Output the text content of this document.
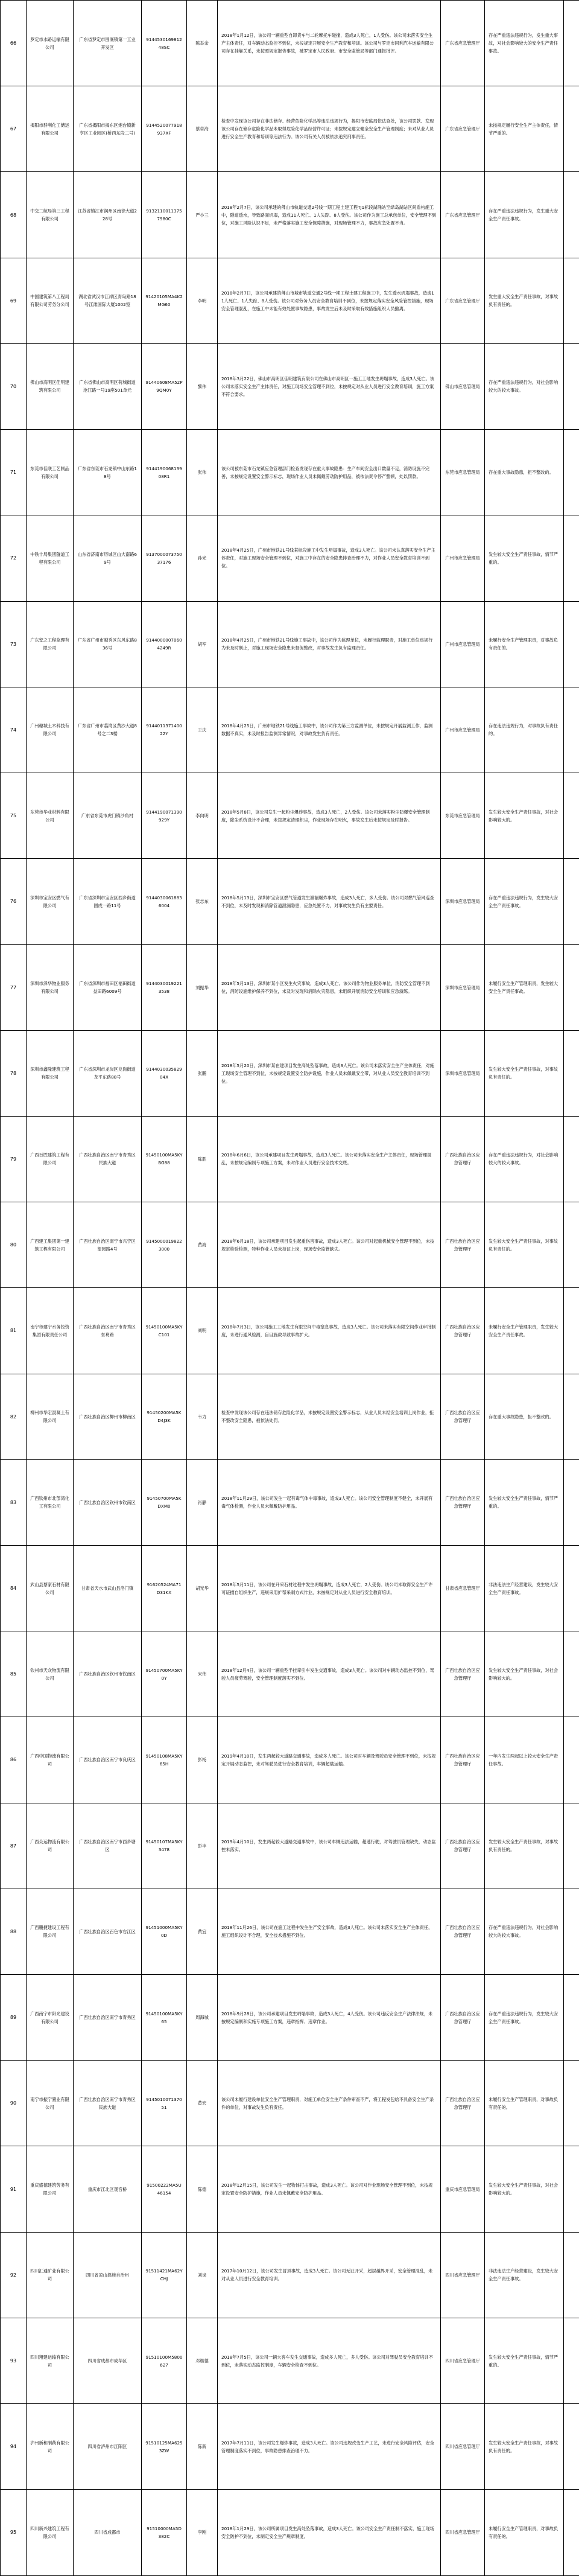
66	罗定市水路运输有限公司	广东省罗定市围底镇第一工业开发区	914453016981248SC	陈举余	2018年1月12日，该公司一辆重型自卸货车与二轮摩托车碰撞，造成3人死亡，1人受伤。该公司未落实安全生产主体责任，对车辆动态监控不到位，未按规定开展安全生产教育和培训。该公司与罗定市同利汽车运输有限公司存在挂靠关系，未按照规定报告事故，被罗定市人民政府、市安全监管局等部门通报批评。	广东省应急管理厅	存在严重违法违规行为，发生重大事故，对社会影响较大的安全生产责任事故。	
67	揭阳市群利化工储运有限公司	广东省揭阳市揭东区炮台镇新亨区工业园区(桥西东段二号)	9144520077918937XF	蔡卓海	检查中发现该公司存在非法储存、经营危险化学品等违法违规行为，揭阳市安监局依法查处，该公司罚款、发现该公司存在储存危险化学品未取得危险化学品经营许可证；未按规定建立健全安全生产管理制度；未对从业人员进行安全生产教育和培训等违法行为。该公司有关人员被依法追究刑事责任。	广东省应急管理厅	未按规定履行安全生产主体责任，情节严重的。	
68	中交二航局第三工程有限公司	江苏省镇江市润州区南徐大道228号	91321100113757980C	严小三	2018年2月7日，该公司承建的佛山市轨道交通2号线一期工程土建工程TJ1标段湖涌站至绿岛湖站区间盾构施工中，隧道透水，导致路面坍塌，造成11人死亡、1人失踪、8人受伤。该公司作为施工总承包单位，安全管理不到位，对施工风险认识不足，未严格落实施工安全保障措施，对现场管理不力，事故应急处置不当。	广东省应急管理厅	存在严重违法违规行为，发生重大安全生产责任事故。	
69	中国建筑第八工程局有限公司劳务分公司	湖北省武汉市江岸区青岛路18号江滩国际大厦1002室	91420105MA4K2MG60	李明	2018年2月7日，该公司承建的佛山市城市轨道交通2号线一期工程土建工程施工中，发生透水坍塌事故，造成11人死亡、1人失踪、8人受伤。该公司对劳务人员安全教育培训不到位，未按规定落实安全风险管控措施，现场安全管理混乱，在施工中未能有效处置事故隐患，事故发生后未及时采取有效措施组织人员撤离。	广东省应急管理厅	发生重大安全生产责任事故，对事故负有责任的。	
70	佛山市高明区佳明建筑有限公司	广东省佛山市高明区荷城街道沧江路一号19座501单元	91440608MA52P9QM0Y	黎伟	2018年3月22日，佛山市高明区佳明建筑有限公司在佛山市高明区一施工工地发生坍塌事故，造成3人死亡。该公司未落实安全生产主体责任，对施工现场安全管理不到位，未按规定对从业人员进行安全教育培训，施工方案不符合要求。	佛山市应急管理局	存在严重违法违规行为，对社会影响较大的较大事故。	
71	东莞市佳联工艺制品有限公司	广东省东莞市石龙镇中山东路18号	914419006813908R1	张伟	该公司被东莞市石龙镇应急管理部门检查发现存在重大事故隐患：生产车间安全出口数量不足，消防设施不完善，未按规定设置安全警示标志，现场作业人员未佩戴劳动防护用品，被依法责令停产整顿，处以罚款。	东莞市应急管理局	存在重大事故隐患，拒不整改的。	
72	中铁十局集团隧道工程有限公司	山东省济南市历城区山大南路69号	913700007375037176	孙光	2018年4月25日，广州市地铁21号线某标段施工中发生坍塌事故，造成3人死亡。该公司未认真落实安全生产主体责任，对施工现场安全管理不到位，对施工中存在的安全隐患排查治理不力，对作业人员安全教育培训不到位。	广州市应急管理局	发生较大安全生产责任事故，情节严重的。	
73	广东安之工程监理有限公司	广东省广州市越秀区东风东路836号	91440000070604249R	胡军	2018年4月25日，广州市地铁21号线施工事故中，该公司作为监理单位，未履行监理职责，对施工单位违规行为未及时制止，对施工现场安全隐患未督促整改，对事故发生负有监理责任。	广州市应急管理局	未履行安全生产管理职责，对事故负有责任的。	
74	广州穗城土木科技有限公司	广东省广州市荔湾区黄沙大道8号之二3楼	914401137140022Y	王庆	2018年4月25日，广州市地铁21号线施工事故中，该公司作为第三方监测单位，未按规定开展监测工作，监测数据不真实，未及时报告监测异常情况，对事故发生负有责任。	广州市应急管理局	存在违法违规行为，对事故负有责任的。	
75	东莞市华业材料有限公司	广东省东莞市虎门镇沙角村	9144190071390929Y	李向明	2018年5月8日，该公司发生一起粉尘爆炸事故，造成3人死亡，2人受伤。该公司未落实粉尘防爆安全管理制度，除尘系统设计不合理，未按规定清理积尘，作业现场存在明火，事故发生后未按规定及时报告。	东莞市应急管理局	发生较大安全生产责任事故，对社会影响较大的。	
76	深圳市宝安区燃气有限公司	广东省深圳市宝安区西乡街道固戍一路11号	91440300618836004	张志东	2018年5月13日，深圳市宝安区燃气管道发生泄漏爆炸事故，造成3人死亡，多人受伤。该公司对燃气管网巡查不到位，未及时发现和消除管道泄漏隐患，应急处置不力，对事故发生负有主要责任。	深圳市应急管理局	存在严重违法违规行为，发生较大安全生产责任事故。	
77	深圳市泽华物业服务有限公司	广东省深圳市福田区福田街道益田路6009号	91440300192213538	刘振华	2018年5月13日，深圳市某小区发生火灾事故，造成3人死亡。该公司作为物业服务单位，消防安全管理不到位，消防设施维护保养不到位，未及时发现和消除火灾隐患，未组织开展消防安全培训和应急演练。	深圳市应急管理局	未履行安全生产管理职责，发生较大安全生产责任事故。	
78	深圳市鑫隆建筑工程有限公司	广东省深圳市龙岗区龙岗街道龙平东路88号	914403003582904X	张鹏	2018年5月20日，深圳市某在建项目发生高处坠落事故，造成3人死亡。该公司未落实安全生产主体责任，对施工现场安全管理不到位，未按规定设置安全防护设施，作业人员未佩戴安全带，对从业人员安全教育培训不到位。	深圳市应急管理局	发生较大安全生产责任事故，对事故负有责任的。	
79	广西百胜建筑工程有限公司	广西壮族自治区南宁市青秀区民族大道	91450100MA5KYBG88	陈胜	2018年6月6日，该公司承建项目发生坍塌事故，造成3人死亡。该公司未落实安全生产主体责任，现场管理混乱，未按规定编制专项施工方案，未对作业人员进行安全技术交底。	广西壮族自治区应急管理厅	存在严重违法违规行为，对社会影响较大的较大事故。	
80	广西建工集团第一建筑工程有限公司	广西壮族自治区南宁市兴宁区望园路4号	91450000198223000	黄海	2018年6月18日，该公司承建项目发生起重伤害事故，造成3人死亡。该公司对起重机械安全管理不到位，未按规定检验检测，特种作业人员未持证上岗，现场安全监管缺失。	广西壮族自治区应急管理厅	发生较大安全生产责任事故，对事故负有责任的。	
81	南宁市建宁水务投资集团有限责任公司	广西壮族自治区南宁市青秀区东葛路	91450100MA5KYC101	刘明	2018年7月3日，该公司施工工地发生有限空间中毒窒息事故，造成3人死亡。该公司未落实有限空间作业审批制度，未进行通风检测，盲目施救导致事故扩大。	广西壮族自治区应急管理厅	未履行安全生产管理职责，发生较大安全生产责任事故。	
82	柳州市华宏混凝土有限公司	广西壮族自治区柳州市柳南区	91450200MA5KD4J3K	韦力	检查中发现该公司存在违法储存危险化学品，未按规定设置安全警示标志，从业人员未经安全培训上岗作业，拒不整改安全隐患，被依法处罚。	广西壮族自治区应急管理厅	存在重大事故隐患，拒不整改的。	
83	广西钦州市北部湾化工有限公司	广西壮族自治区钦州市钦南区	91450700MA5KDXM0	肖静	2018年11月29日，该公司发生一起有毒气体中毒事故，造成3人死亡。该公司安全管理制度不健全，未开展有毒气体检测，作业人员未佩戴防护用品。	广西壮族自治区应急管理厅	发生较大安全生产责任事故，情节严重的。	
84	武山县蔡家石材有限公司	甘肃省天水市武山县洛门镇	91620524MA71D31KX	胡光华	2018年5月11日，该公司在开采石材过程中发生坍塌事故，造成3人死亡，2人受伤。该公司未取得安全生产许可证擅自组织生产，违规采用扩帮采剥方式作业，未按规定对从业人员进行安全教育培训。	甘肃省应急管理厅	非法违法生产经营建设，发生较大安全生产责任事故。	
85	钦州市天众物流有限公司	广西壮族自治区钦州市钦南区	91450700MA5KY0Y	宋伟	2018年12月4日，该公司一辆重型半挂牵引车发生交通事故，造成3人死亡。该公司对车辆动态监控不到位，驾驶人员疲劳驾驶，安全管理制度落实不到位。	广西壮族自治区应急管理厅	发生较大安全生产责任事故，对社会影响较大的。	
86	广西中国物流有限公司	广西壮族自治区南宁市良庆区	91450108MA5KY65H	彭杨	2019年4月10日，发生两起较大道路交通事故，造成多人死亡。该公司对车辆及驾驶员安全管理不到位，未按规定开展动态监控，未对驾驶员进行安全教育培训，车辆超载运输。	广西壮族自治区应急管理厅	一年内发生两起以上较大安全生产责任事故。	
87	广西众运物流有限公司	广西壮族自治区南宁市西乡塘区	91450107MA5KY3478	彭丰	2019年4月10日，发生两起较大道路交通事故中，该公司车辆违法运输，超速行驶，对驾驶员管理缺失，动态监控未落实。	广西壮族自治区应急管理厅	发生较大安全生产责任事故，对事故负有责任的。	
88	广西鹏捷建设工程有限公司	广西壮族自治区百色市右江区	91451000MA5KY0D	黄宜	2018年11月26日，该公司在施工过程中发生生产安全事故，造成3人死亡。该公司未落实安全生产主体责任，施工组织设计不合理，安全技术措施不到位。	广西壮族自治区应急管理厅	存在严重违法违规行为，对社会影响较大的较大事故。	
89	广西南宁市阳光建设有限公司	广西壮族自治区南宁市青秀区	91450100MA5KY65	周海城	2018年9月28日，该公司承建项目发生坍塌事故，造成3人死亡，4人受伤。该公司违反安全生产法律法规，未按规定编制和实施专项施工方案，违章指挥、违章作业。	广西壮族自治区应急管理厅	存在严重违法违规行为，发生较大安全生产责任事故。	
90	南宁市振宁置业有限公司	广西壮族自治区南宁市青秀区民族大道	914501007137051	黄宏	该公司未履行建设单位安全生产管理职责，对施工单位安全生产条件审查不严，将工程发包给不具备安全生产条件的单位，对事故发生负有责任。	广西壮族自治区应急管理厅	未履行安全生产管理职责，对事故负有责任的。	
91	重庆盛德建筑劳务有限公司	重庆市江北区观音桥	91500222MA5U46154	陈德	2018年12月15日，该公司发生一起物体打击事故，造成3人死亡。该公司对作业现场安全管理不到位，未按规定设置安全防护措施，作业人员未佩戴安全防护用品。	重庆市应急管理局	发生较大安全生产责任事故，对社会影响较大的。	
92	四川汇通矿业有限公司	四川省凉山彝族自治州	91511421MA62YCHJ	刘岗	2017年10月12日，该公司发生冒顶事故，造成3人死亡。该公司无证开采，超层越界开采，安全管理混乱，未对从业人员进行安全教育培训。	四川省应急管理厅	非法违法生产经营建设，发生较大安全生产责任事故。	
93	四川翔建运输有限公司	四川省成都市成华区	91510100M5800627	邓继德	2018年7月5日，该公司一辆大客车发生交通事故，造成多人死亡，多人受伤。该公司对驾驶员安全教育培训不到位，未落实动态监控制度，车辆安全检查不到位。	四川省应急管理厅	发生较大安全生产责任事故，情节严重的。	
94	泸州新和制药有限公司	四川省泸州市江阳区	91510125MA6253ZW	陈新	2017年7月11日，该公司发生爆炸事故，造成3人死亡。该公司违规改变生产工艺，未进行安全风险评估，安全管理制度落实不到位，事故隐患排查治理不力。	四川省应急管理厅	发生较大安全生产责任事故，对事故负有责任的。	
95	四川新兴建筑工程有限公司	四川省成都市	91510000MA5D382C	李刚	2018年1月29日，该公司所属项目发生高处坠落事故，造成3人死亡。该公司安全生产责任制不落实，施工现场安全防护不到位，未制定安全生产规章制度。	四川省应急管理厅	未履行安全生产管理职责，对事故负有责任的。	
